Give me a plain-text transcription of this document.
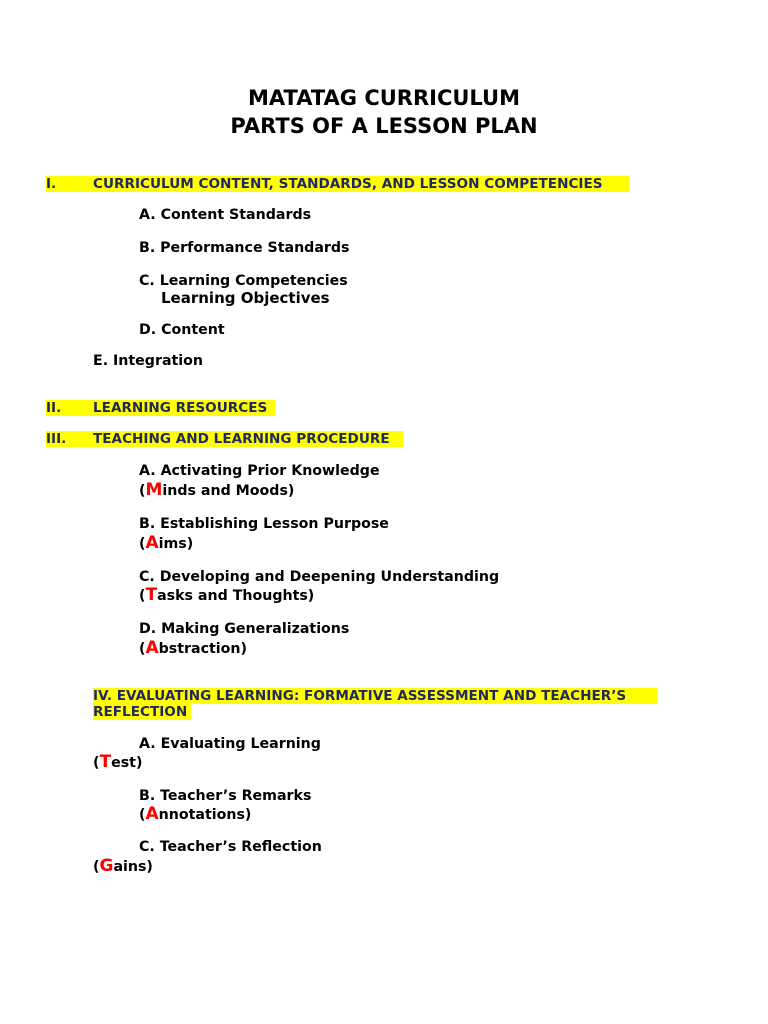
MATATAG CURRICULUM
PARTS OF A LESSON PLAN
I.	CURRICULUM CONTENT, STANDARDS, AND LESSON COMPETENCIES
A. Content Standards
B. Performance Standards
C. Learning Competencies
Learning Objectives
D. Content
E. Integration
II. LEARNING RESOURCES
III. TEACHING AND LEARNING PROCEDURE
A. Activating Prior Knowledge
(Minds and Moods)
B. Establishing Lesson Purpose
(Aims)
C. Developing and Deepening Understanding
(Tasks and Thoughts)
D. Making Generalizations
(Abstraction)
IV. EVALUATING LEARNING: FORMATIVE ASSESSMENT AND TEACHER’S
REFLECTION
A. Evaluating Learning
(Test)
B. Teacher’s Remarks
(Annotations)
C. Teacher’s Reflection
(Gains)
